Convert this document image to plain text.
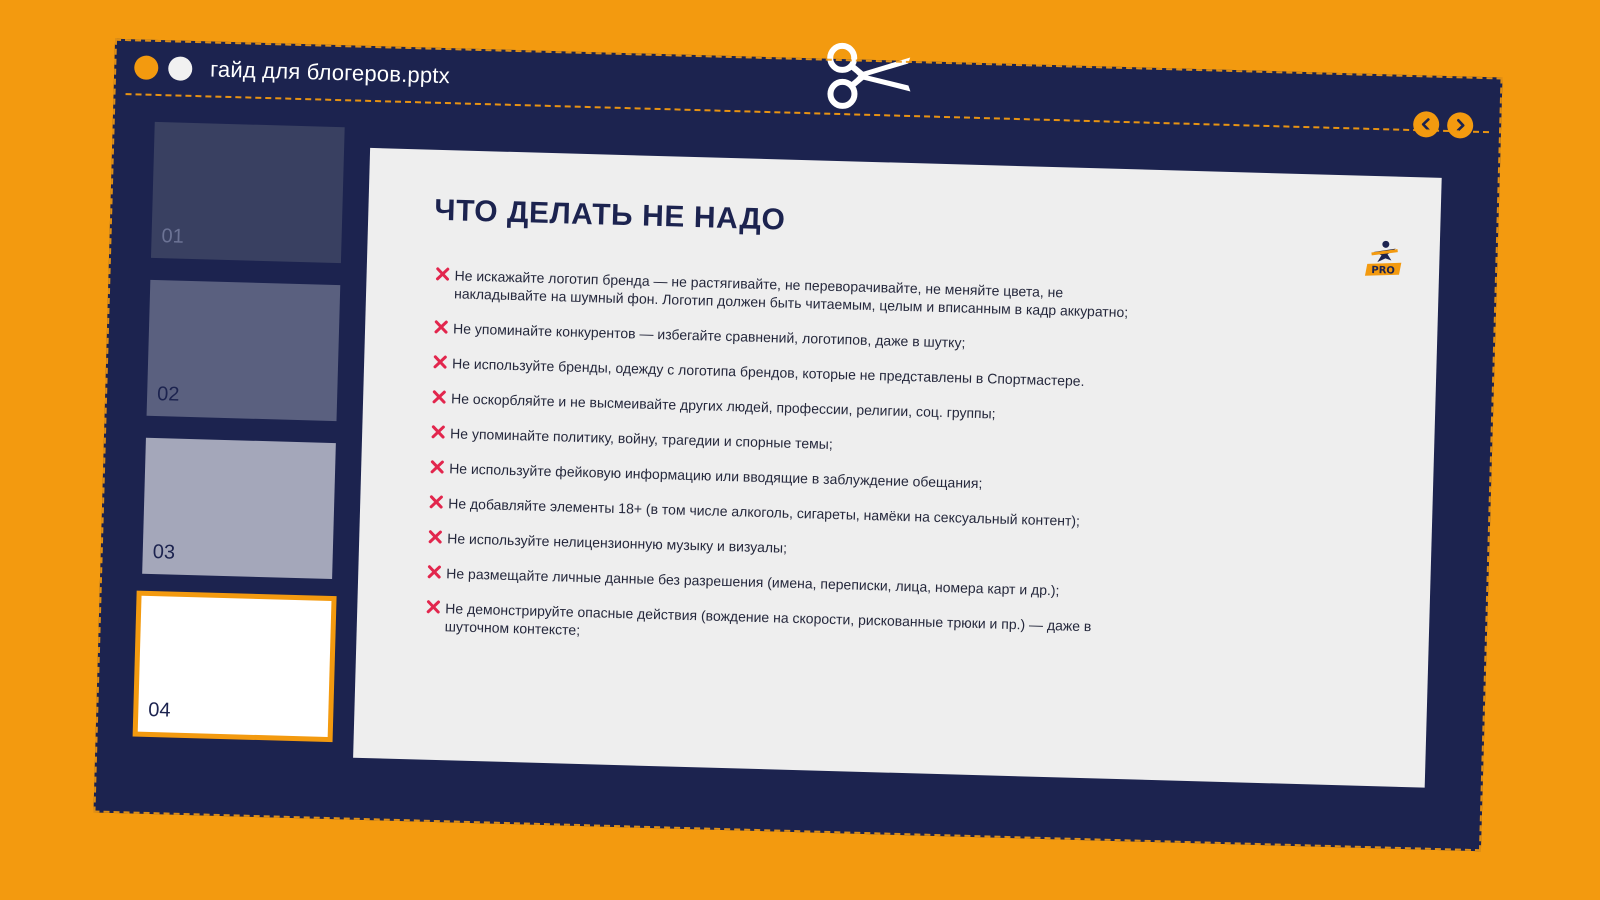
гайд для блогеров.pptx
01
02
03
04
ЧТО ДЕЛАТЬ НЕ НАДО
PRO
Не искажайте логотип бренда — не растягивайте, не переворачивайте, не меняйте цвета, не накладывайте на шумный фон. Логотип должен быть читаемым, целым и вписанным в кадр аккуратно;
Не упоминайте конкурентов — избегайте сравнений, логотипов, даже в шутку;
Не используйте бренды, одежду с логотипа брендов, которые не представлены в Спортмастере.
Не оскорбляйте и не высмеивайте других людей, профессии, религии, соц. группы;
Не упоминайте политику, войну, трагедии и спорные темы;
Не используйте фейковую информацию или вводящие в заблуждение обещания;
Не добавляйте элементы 18+ (в том числе алкоголь, сигареты, намёки на сексуальный контент);
Не используйте нелицензионную музыку и визуалы;
Не размещайте личные данные без разрешения (имена, переписки, лица, номера карт и др.);
Не демонстрируйте опасные действия (вождение на скорости, рискованные трюки и пр.) — даже в шуточном контексте;
